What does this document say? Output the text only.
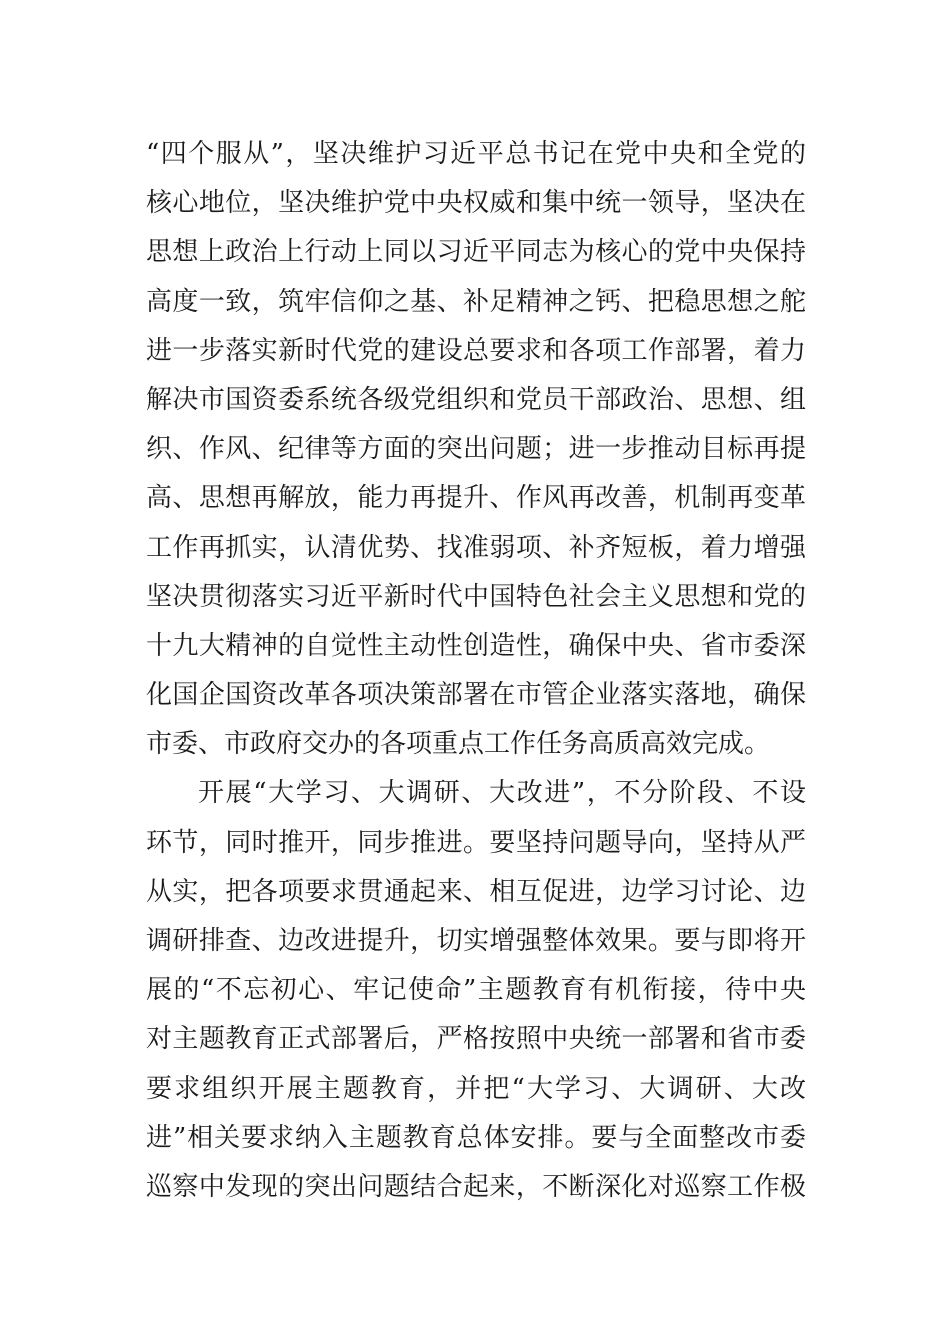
“四个服从”，坚决维护习近平总书记在党中央和全党的
核心地位，坚决维护党中央权威和集中统一领导，坚决在
思想上政治上行动上同以习近平同志为核心的党中央保持
高度一致，筑牢信仰之基、补足精神之钙、把稳思想之舵
进一步落实新时代党的建设总要求和各项工作部署，着力
解决市国资委系统各级党组织和党员干部政治、思想、组
织、作风、纪律等方面的突出问题；进一步推动目标再提
高、思想再解放，能力再提升、作风再改善，机制再变革
工作再抓实，认清优势、找准弱项、补齐短板，着力增强
坚决贯彻落实习近平新时代中国特色社会主义思想和党的
十九大精神的自觉性主动性创造性，确保中央、省市委深
化国企国资改革各项决策部署在市管企业落实落地，确保
市委、市政府交办的各项重点工作任务高质高效完成。
开展“大学习、大调研、大改进”，不分阶段、不设
环节，同时推开，同步推进。要坚持问题导向，坚持从严
从实，把各项要求贯通起来、相互促进，边学习讨论、边
调研排查、边改进提升，切实增强整体效果。要与即将开
展的“不忘初心、牢记使命”主题教育有机衔接，待中央
对主题教育正式部署后，严格按照中央统一部署和省市委
要求组织开展主题教育，并把“大学习、大调研、大改
进”相关要求纳入主题教育总体安排。要与全面整改市委
巡察中发现的突出问题结合起来，不断深化对巡察工作极
